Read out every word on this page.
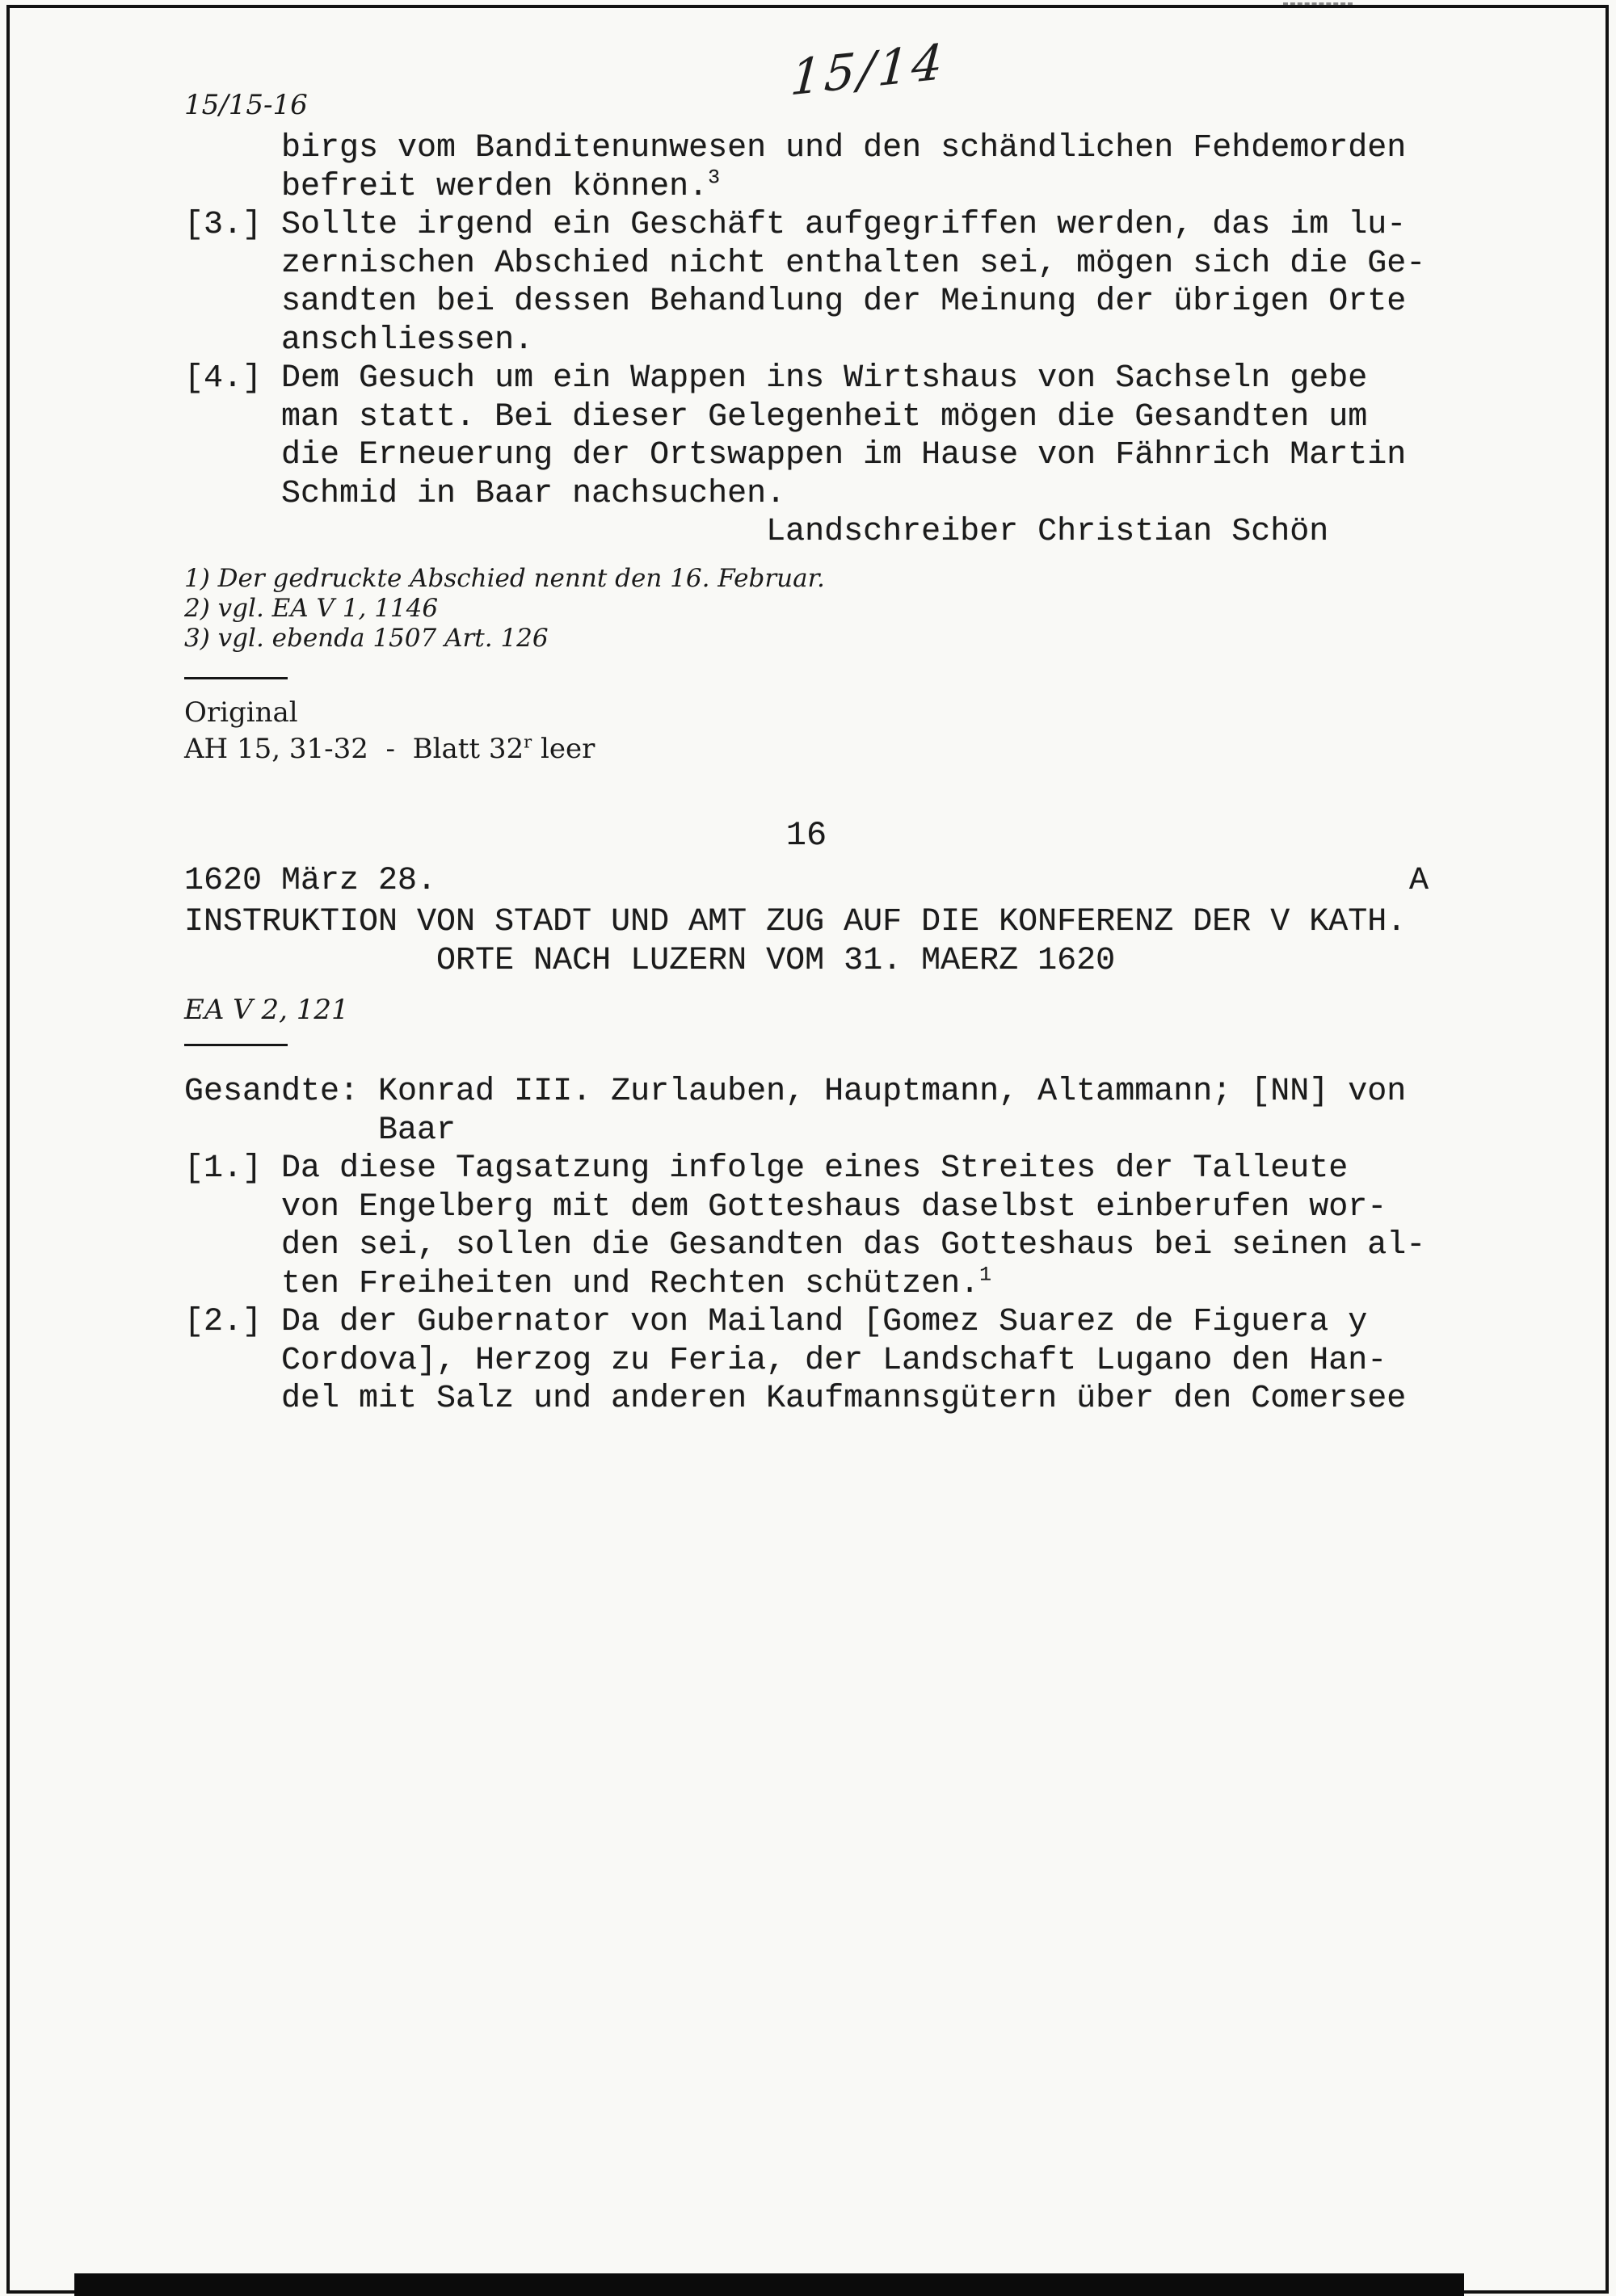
15/14
15/15-16
birgs vom Banditenunwesen und den schändlichen Fehdemorden
befreit werden können.$^3$
[3.] Sollte irgend ein Geschäft aufgegriffen werden, das im lu-
zernischen Abschied nicht enthalten sei, mögen sich die Ge-
sandten bei dessen Behandlung der Meinung der übrigen Orte
anschliessen.
[4.] Dem Gesuch um ein Wappen ins Wirtshaus von Sachseln gebe
man statt. Bei dieser Gelegenheit mögen die Gesandten um
die Erneuerung der Ortswappen im Hause von Fähnrich Martin
Schmid in Baar nachsuchen.
Landschreiber Christian Schön
1) Der gedruckte Abschied nennt den 16. Februar.
2) vgl. EA V 1, 1146
3) vgl. ebenda 1507 Art. 126
Original
AH 15, 31-32  -  Blatt 32$^r$ leer
16
1620 März 28.	A
INSTRUKTION VON STADT UND AMT ZUG AUF DIE KONFERENZ DER V KATH.
ORTE NACH LUZERN VOM 31. MAERZ 1620
EA V 2, 121
Gesandte: Konrad III. Zurlauben, Hauptmann, Altammann; [NN] von
Baar
[1.] Da diese Tagsatzung infolge eines Streites der Talleute
von Engelberg mit dem Gotteshaus daselbst einberufen wor-
den sei, sollen die Gesandten das Gotteshaus bei seinen al-
ten Freiheiten und Rechten schützen.$^1$
[2.] Da der Gubernator von Mailand [Gomez Suarez de Figuera y
Cordova], Herzog zu Feria, der Landschaft Lugano den Han-
del mit Salz und anderen Kaufmannsgütern über den Comersee
